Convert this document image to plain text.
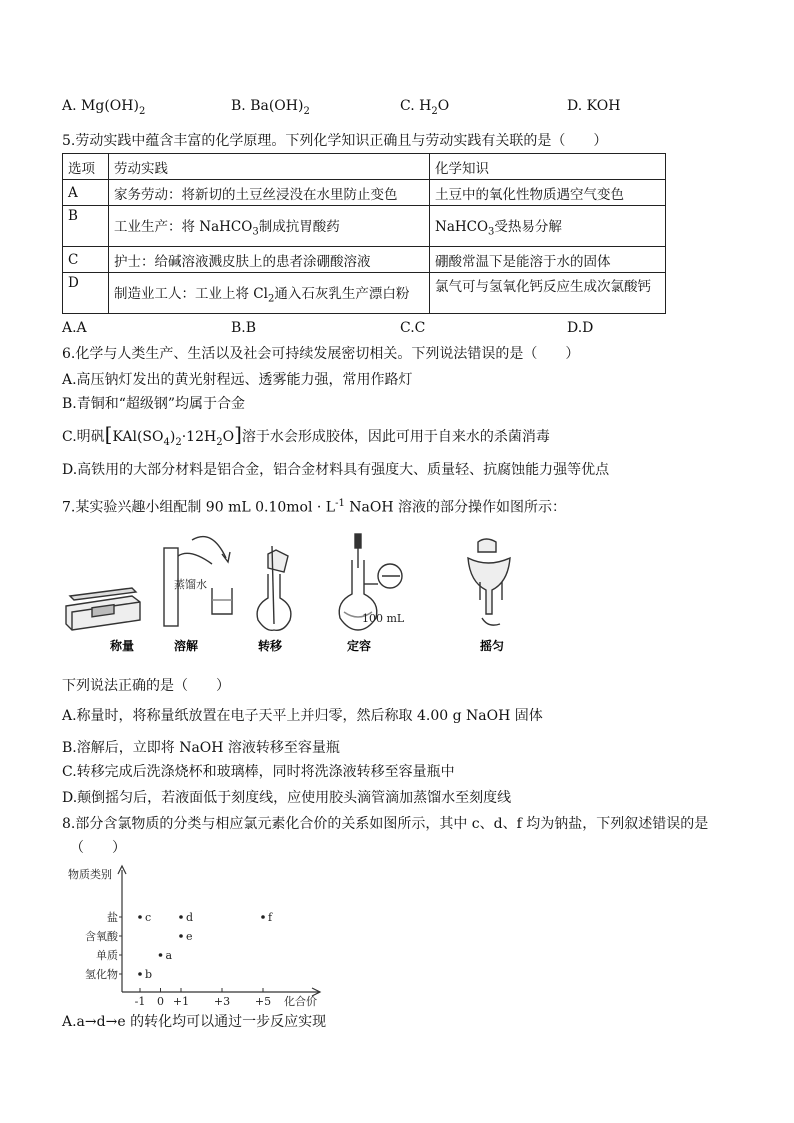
A. $Mg(OH)_2$	B. $Ba(OH)_2$	C. $H_2O$	D. KOH
5.劳动实践中蕴含丰富的化学原理。下列化学知识正确且与劳动实践有关联的是（　　）
选项	劳动实践	化学知识
A	家务劳动：将新切的土豆丝浸没在水里防止变色	土豆中的氧化性物质遇空气变色
B	工业生产：将 NaHCO$_3$制成抗胃酸药	NaHCO$_3$受热易分解
C	护士：给碱溶液溅皮肤上的患者涂硼酸溶液	硼酸常温下是能溶于水的固体
D	制造业工人：工业上将 $Cl_2$通入石灰乳生产漂白粉	氯气可与氢氧化钙反应生成次氯酸钙
A.A	B.B	C.C	D.D
6.化学与人类生产、生活以及社会可持续发展密切相关。下列说法错误的是（　　）
A.高压钠灯发出的黄光射程远、透雾能力强，常用作路灯
B.青铜和“超级钢”均属于合金
C.明矾$[KAl(SO_4)_2\cdot 12H_2O]$溶于水会形成胶体，因此可用于自来水的杀菌消毒
D.高铁用的大部分材料是铝合金，铝合金材料具有强度大、质量轻、抗腐蚀能力强等优点
7.某实验兴趣小组配制 90 mL $0.10mol \cdot L^{-1}$ NaOH 溶液的部分操作如图所示：
蒸馏水
100 mL
称量	溶解	转移	定容	摇匀
下列说法正确的是（　　）
A.称量时，将称量纸放置在电子天平上并归零，然后称取 4.00 g NaOH 固体
B.溶解后，立即将 NaOH 溶液转移至容量瓶
C.转移完成后洗涤烧杯和玻璃棒，同时将洗涤液转移至容量瓶中
D.颠倒摇匀后，若液面低于刻度线，应使用胶头滴管滴加蒸馏水至刻度线
8.部分含氯物质的分类与相应氯元素化合价的关系如图所示，其中 c、d、f 均为钠盐，下列叙述错误的是
（　　）
物质类别
化合价
氢化物
单质
含氧酸
盐
-1 0 +1 +3 +5
b
a
e
c	d	f
A.a→d→e 的转化均可以通过一步反应实现
